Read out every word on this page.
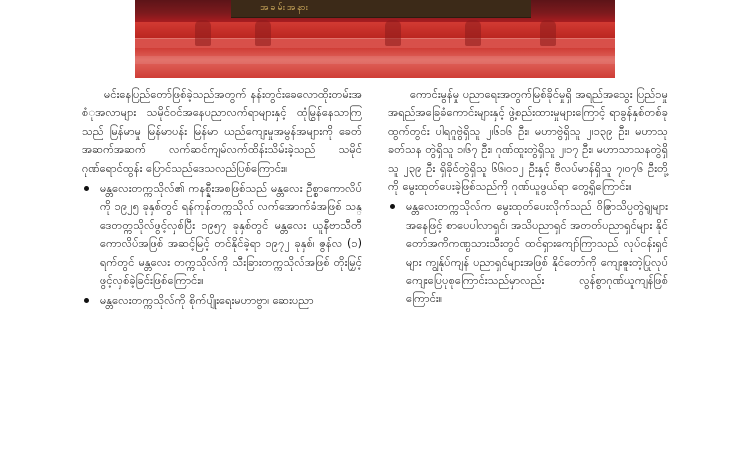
အခမ်းအနား

မင်းနေပြည်တော်ဖြစ်ခဲ့သည်အတွက် နန်းတွင်းခေလောထိုးတမ်းအစံုအလာများ သမိုင်ဝင်အနေပညာလက်ရာများနှင့် ထုံမြွန်နေသာကြသည် မြန်မာမှု မြန်မာပန်း မြန်မာ ယည်ကျေးမှုအမွန်အများကို ခေတ်အဆက်အဆက် လက်ဆင်ကျမ်လက်ထိန်းသိမ်းခဲ့သည် သမိုင်ဂုဏ်ရောင်ထွန်း ပြောင်သည်ဒေသလည်ပြစ်ကြောင်း။

မန္တလေးတက္ကသိုလ်၏ ကနစ္နီးအစဖြစ်သည် မန္တလေး ဦစ္စာကောလိပ်ကို ၁၉၂၅ ခုနှစ်တွင် ရန်ကုန်တက္ကသိုလ် လက်အောက်ခံအဖြစ် သန္ဒေတတ္ကသိုလ်ဖွင့်လှစ်ပြီး ၁၉၅၇ ခုနှစ်တွင် မန္တလေး ယူနီဗာသီတီကောလိပ်အဖြစ် အဆင့်မြင့် တင်နိုင်ခဲ့ရာ ၁၉၇၂ ခုနှစ်၊ ဇွန်လ (၁) ရက်တွင် မန္တလေး တက္ကသိုလ်ကို သီးခြားတက္ကသိုလ်အဖြစ် တိုးမြှင့်ဖွင့်လှစ်ခဲ့ခြင်းဖြစ်ကြောင်း။
မန္တလေးတက္ကသိုလ်ကို စိုက်ပျိုးရေးမဟာဗွာ၊ ဆေးပညာ

ကောင်းမွန်မှု ပညာရေးအတွက်မြစ်ခိုင်မှုရှိ အရည်အသွေး ပြည်၁မှု အရည်အခြေခံကောင်းများနှင့် ဖွဲ့စည်းထားမှုများကြောင့် ရာခွန်နှစ်တစ်ခုထွက်တွင်း ပါရဂူဗွဲရှိသူ ၂၊၆၁၆ ဦး၊ မဟာဗွဲရှိသူ ၂၊၁၃၉ ဦး၊ မဟာသုခတ်သန တွဲရှိသူ ၁၊၆၇ ဦး၊ ဂုဏ်ထူးတွဲရှိသူ ၂၊၁၇ ဦး၊ မဟာသာသနတွဲရှိသူ ၂၃၉ ဦး ရှိခိုင်တွဲရှိသူ ၆၆၊၀၁၂ ဦးနှင့် ဗီလပ်မာန်ရှိသူ ၇၊၀၇၆ ဦးတို့ကို မွေးထုတ်ပေးခဲ့ဖြစ်သည်ကို ဂုဏ်ယူဖွယ်ရာ တွေ့ရှိကြောင်း။

မန္တလေးတက္ကသိုလ်က မွေးထုတ်ပေးလိုက်သည် ဝိဇြာသိပ္ပတွဲရျများအနေဖြင့် စာပေပါလာရှင်၊ အသိပညာရှင် အတတ်ပညာရှင်များ နိုင်တော်အကိကဏ္ဎသားသီးတွင် ထင်ရှားကျော်ကြာသည် လုပ်ငန်းရှင်များ ကျွန်ုပ်ကျန် ပညာရှင်များအဖြစ် နိုင်တော်ကို ကျေးဇူးတဲ့ပြုလုပ် ကျေးပြေပုစုကြောင်းသည်မှာလည်း လွန်စွာဂုဏ်ယူကျန်ဖြစ် ကြောင်း။
